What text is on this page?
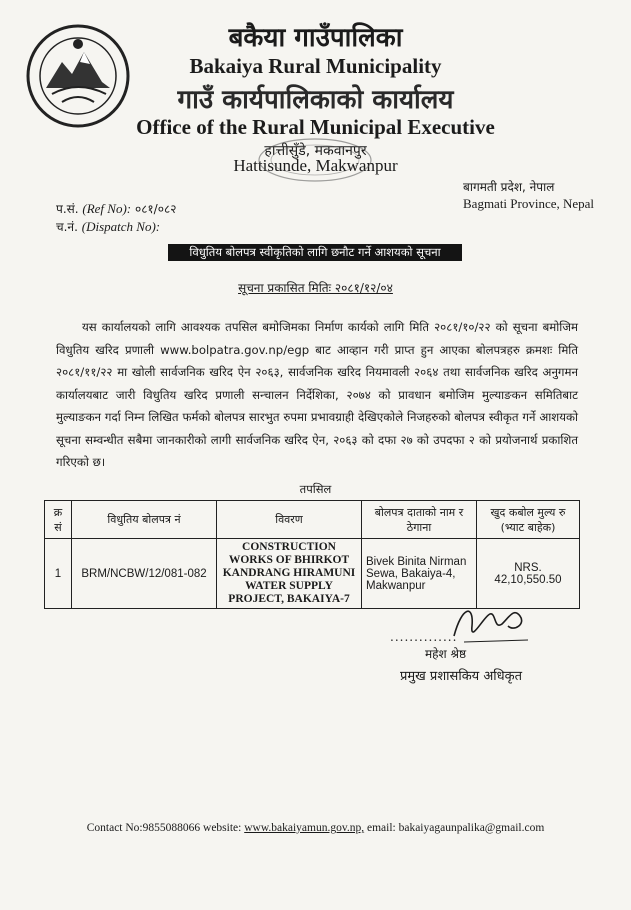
बकैया गाउँपालिका
Bakaiya Rural Municipality
गाउँ कार्यपालिकाको कार्यालय
Office of the Rural Municipal Executive
हात्तीसुँडे, मकवानपुर
Hattisunde, Makwanpur
बागमती प्रदेश, नेपाल
Bagmati Province, Nepal
प.सं. (Ref No): ०८१/०८२
च.नं. (Dispatch No):
विधुतिय बोलपत्र स्वीकृतिको लागि छनौट गर्ने आशयको सूचना
सूचना प्रकासित मितिः २०८१/१२/०४
यस कार्यालयको लागि आवश्यक तपसिल बमोजिमका निर्माण कार्यको लागि मिति २०८१/१०/२२ को सूचना बमोजिम विधुतिय खरिद प्रणाली www.bolpatra.gov.np/egp बाट आव्हान गरी प्राप्त हुन आएका बोलपत्रहरु क्रमशः मिति २०८१/११/२२ मा खोली सार्वजनिक खरिद ऐन २०६३, सार्वजनिक खरिद नियमावली २०६४ तथा सार्वजनिक खरिद अनुगमन कार्यालयबाट जारी विधुतिय खरिद प्रणाली सन्चालन निर्देशिका, २०७४ को प्रावधान बमोजिम मुल्याङकन समितिबाट मुल्याङकन गर्दा निम्न लिखित फर्मको बोलपत्र सारभुत रुपमा प्रभावग्राही देखिएकोले निजहरुको बोलपत्र स्वीकृत गर्ने आशयको सूचना सम्वन्धीत सबैमा जानकारीको लागी सार्वजनिक खरिद ऐन, २०६३ को दफा २७ को उपदफा २ को प्रयोजनार्थ प्रकाशित गरिएको छ।
तपसिल
क्र सं	विधुतिय बोलपत्र नं	विवरण	बोलपत्र दाताको नाम र ठेगाना	खुद कबोल मुल्य रु (भ्याट बाहेक)
1	BRM/NCBW/12/081-082	CONSTRUCTION WORKS OF BHIRKOT KANDRANG HIRAMUNI WATER SUPPLY PROJECT, BAKAIYA-7	Bivek Binita Nirman Sewa, Bakaiya-4, Makwanpur	NRS. 42,10,550.50
..............
महेश श्रेष्ठ
प्रमुख प्रशासकिय अधिकृत
Contact No:9855088066 website: www.bakaiyamun.gov.np, email: bakaiyagaunpalika@gmail.com
